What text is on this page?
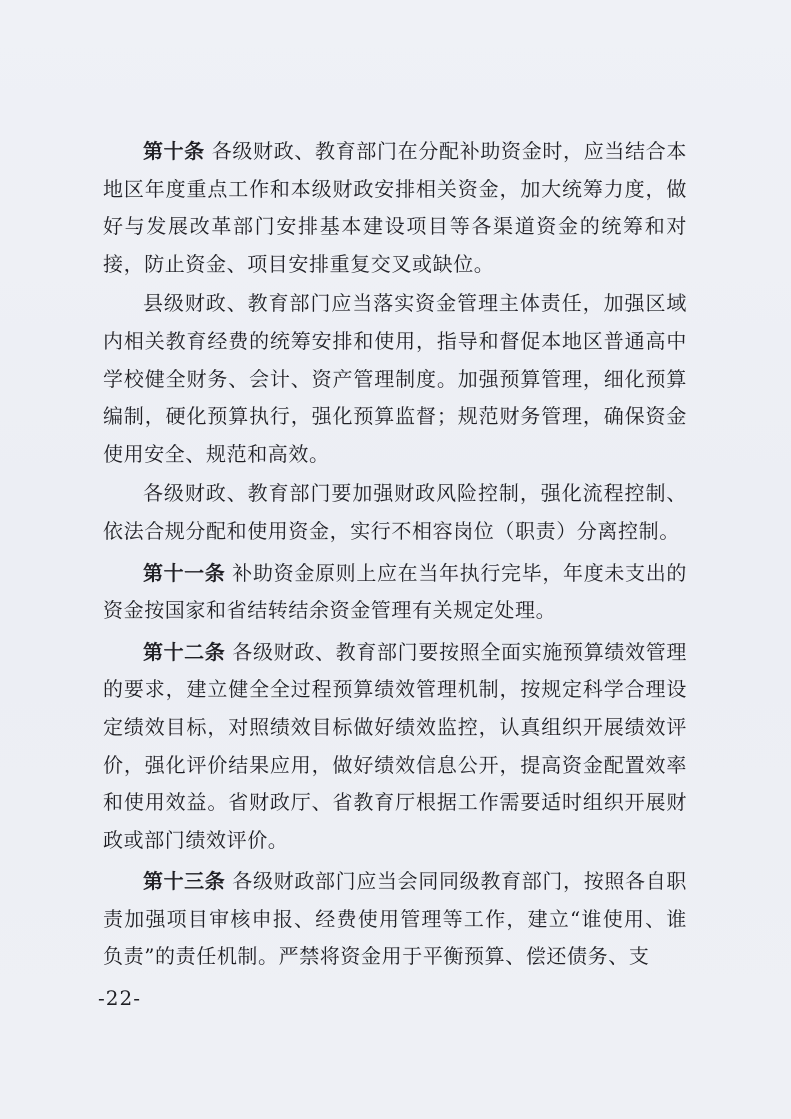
第十条 各级财政、教育部门在分配补助资金时，应当结合本地区年度重点工作和本级财政安排相关资金，加大统筹力度，做好与发展改革部门安排基本建设项目等各渠道资金的统筹和对接，防止资金、项目安排重复交叉或缺位。

县级财政、教育部门应当落实资金管理主体责任，加强区域内相关教育经费的统筹安排和使用，指导和督促本地区普通高中学校健全财务、会计、资产管理制度。加强预算管理，细化预算编制，硬化预算执行，强化预算监督；规范财务管理，确保资金使用安全、规范和高效。

各级财政、教育部门要加强财政风险控制，强化流程控制、依法合规分配和使用资金，实行不相容岗位（职责）分离控制。

第十一条 补助资金原则上应在当年执行完毕，年度未支出的资金按国家和省结转结余资金管理有关规定处理。

第十二条 各级财政、教育部门要按照全面实施预算绩效管理的要求，建立健全全过程预算绩效管理机制，按规定科学合理设定绩效目标，对照绩效目标做好绩效监控，认真组织开展绩效评价，强化评价结果应用，做好绩效信息公开，提高资金配置效率和使用效益。省财政厅、省教育厅根据工作需要适时组织开展财政或部门绩效评价。

第十三条 各级财政部门应当会同同级教育部门，按照各自职责加强项目审核申报、经费使用管理等工作，建立“谁使用、谁负责”的责任机制。严禁将资金用于平衡预算、偿还债务、支

-22-
